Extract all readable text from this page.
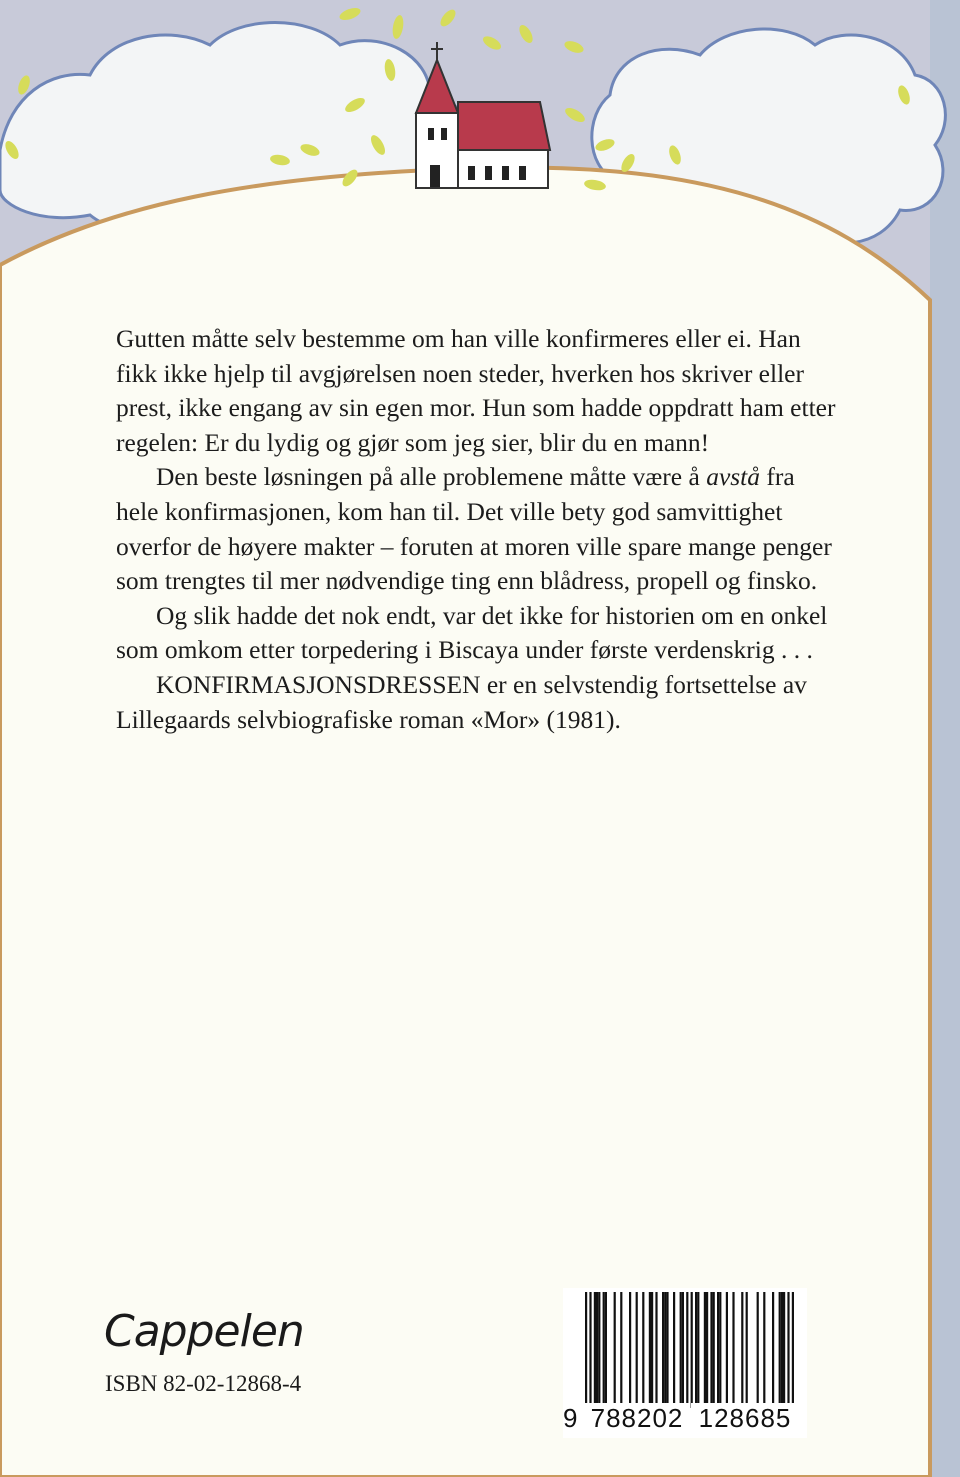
Gutten måtte selv bestemme om han ville konfirmeres eller ei. Han fikk ikke hjelp til avgjørelsen noen steder, hverken hos skriver eller prest, ikke engang av sin egen mor. Hun som hadde oppdratt ham etter regelen: Er du lydig og gjør som jeg sier, blir du en mann!

Den beste løsningen på alle problemene måtte være å avstå fra hele konfirmasjonen, kom han til. Det ville bety god samvittighet overfor de høyere makter – foruten at moren ville spare mange penger som trengtes til mer nødvendige ting enn blådress, propell og finsko.

Og slik hadde det nok endt, var det ikke for historien om en onkel som omkom etter torpedering i Biscaya under første verdenskrig . . .

KONFIRMASJONSDRESSEN er en selvstendig fortsettelse av Lillegaards selvbiografiske roman «Mor» (1981).

Cappelen
ISBN 82-02-12868-4
9 788202 128685
